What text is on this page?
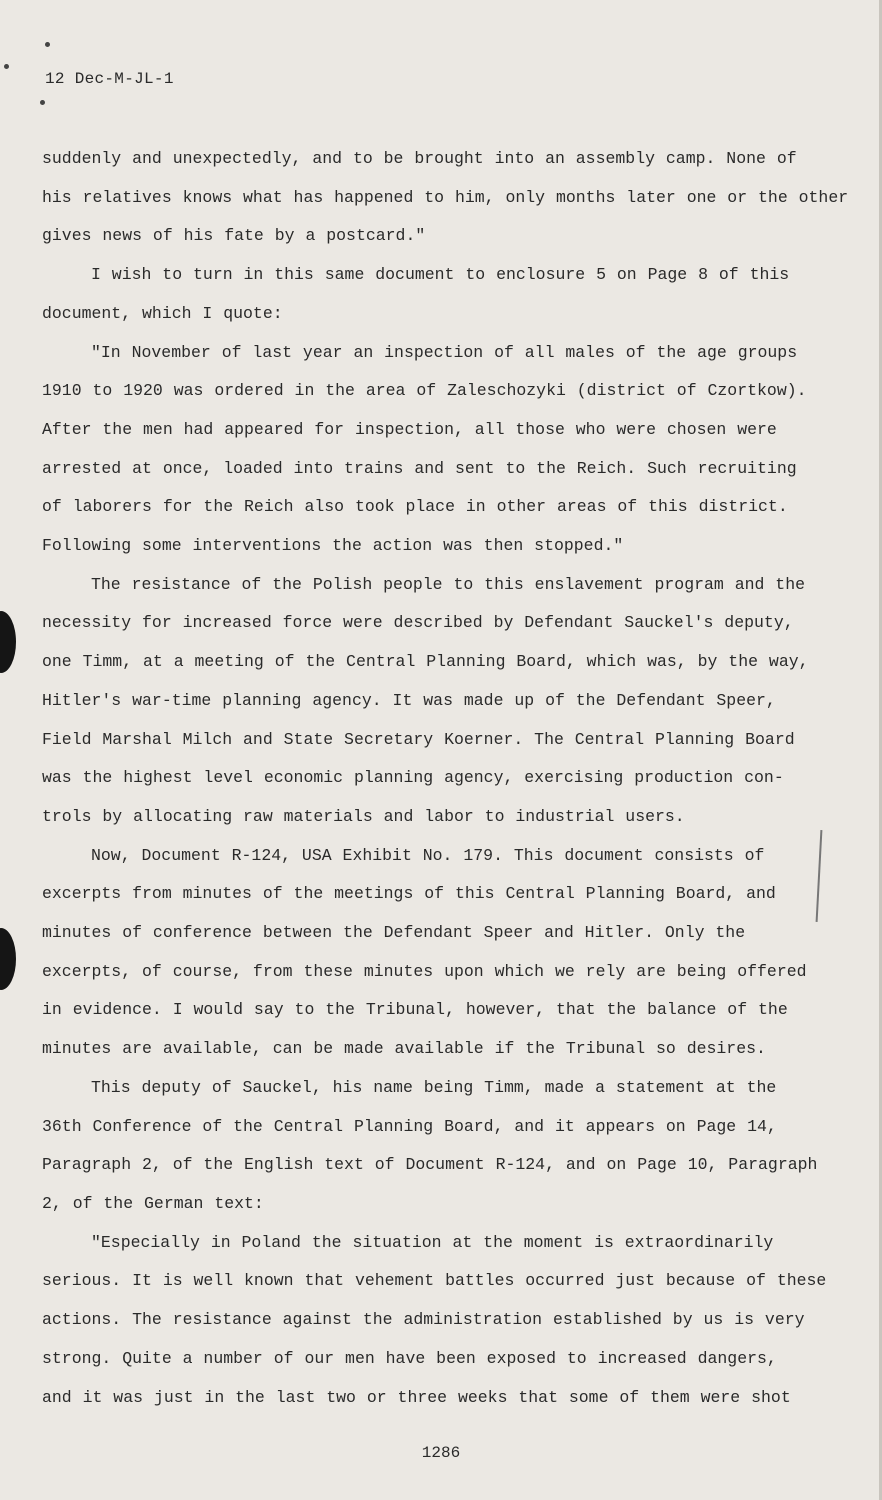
12 Dec-M-JL-1
suddenly and unexpectedly, and to be brought into an assembly camp. None of
his relatives knows what has happened to him, only months later one or the other
gives news of his fate by a postcard."
I wish to turn in this same document to enclosure 5 on Page 8 of this
document, which I quote:
"In November of last year an inspection of all males of the age groups
1910 to 1920 was ordered in the area of Zaleschozyki (district of Czortkow).
After the men had appeared for inspection, all those who were chosen were
arrested at once, loaded into trains and sent to the Reich. Such recruiting
of laborers for the Reich also took place in other areas of this district.
Following some interventions the action was then stopped."
The resistance of the Polish people to this enslavement program and the
necessity for increased force were described by Defendant Sauckel's deputy,
one Timm, at a meeting of the Central Planning Board, which was, by the way,
Hitler's war-time planning agency. It was made up of the Defendant Speer,
Field Marshal Milch and State Secretary Koerner. The Central Planning Board
was the highest level economic planning agency, exercising production con-
trols by allocating raw materials and labor to industrial users.
Now, Document R-124, USA Exhibit No. 179. This document consists of
excerpts from minutes of the meetings of this Central Planning Board, and
minutes of conference between the Defendant Speer and Hitler. Only the
excerpts, of course, from these minutes upon which we rely are being offered
in evidence. I would say to the Tribunal, however, that the balance of the
minutes are available, can be made available if the Tribunal so desires.
This deputy of Sauckel, his name being Timm, made a statement at the
36th Conference of the Central Planning Board, and it appears on Page 14,
Paragraph 2, of the English text of Document R-124, and on Page 10, Paragraph
2, of the German text:
"Especially in Poland the situation at the moment is extraordinarily
serious. It is well known that vehement battles occurred just because of these
actions. The resistance against the administration established by us is very
strong. Quite a number of our men have been exposed to increased dangers,
and it was just in the last two or three weeks that some of them were shot
1286
